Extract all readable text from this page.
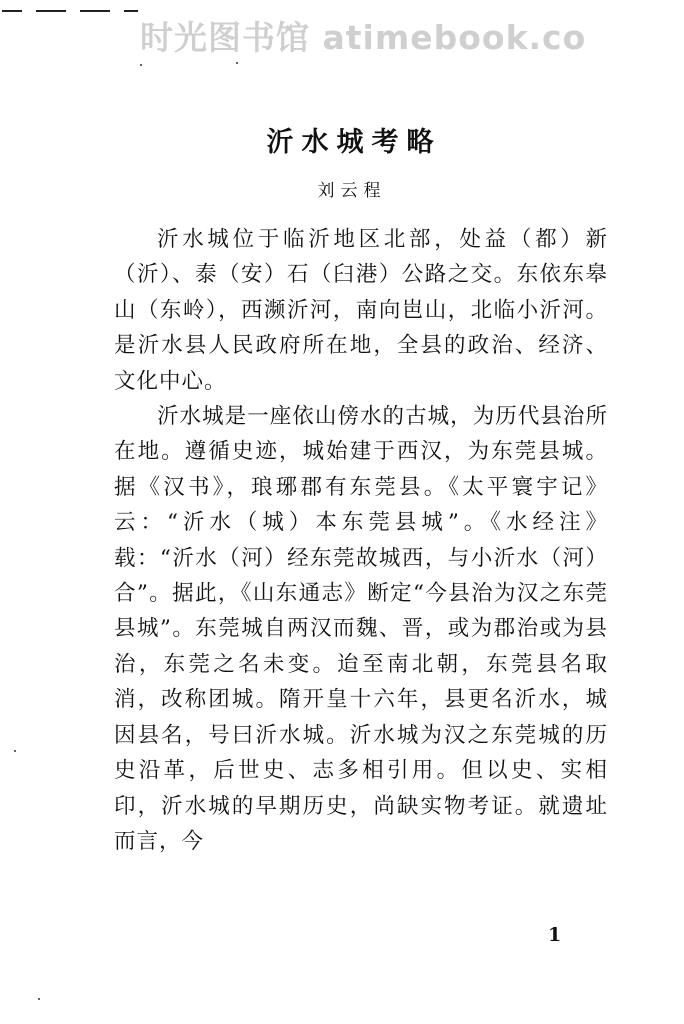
时光图书馆 atimebook.co
沂水城考略
刘云程

沂水城位于临沂地区北部，处益（都）新（沂）、泰（安）石（臼港）公路之交。东依东皋山（东岭），西濒沂河，南向岜山，北临小沂河。是沂水县人民政府所在地，全县的政治、经济、文化中心。

沂水城是一座依山傍水的古城，为历代县治所在地。遵循史迹，城始建于西汉，为东莞县城。据《汉书》，琅琊郡有东莞县。《太平寰宇记》云：“沂水（城）本东莞县城”。《水经注》载：“沂水（河）经东莞故城西，与小沂水（河）合”。据此，《山东通志》断定“今县治为汉之东莞县城”。东莞城自两汉而魏、晋，或为郡治或为县治，东莞之名未变。迨至南北朝，东莞县名取消，改称团城。隋开皇十六年，县更名沂水，城因县名，号曰沂水城。沂水城为汉之东莞城的历史沿革，后世史、志多相引用。但以史、实相印，沂水城的早期历史，尚缺实物考证。就遗址而言，今

1
